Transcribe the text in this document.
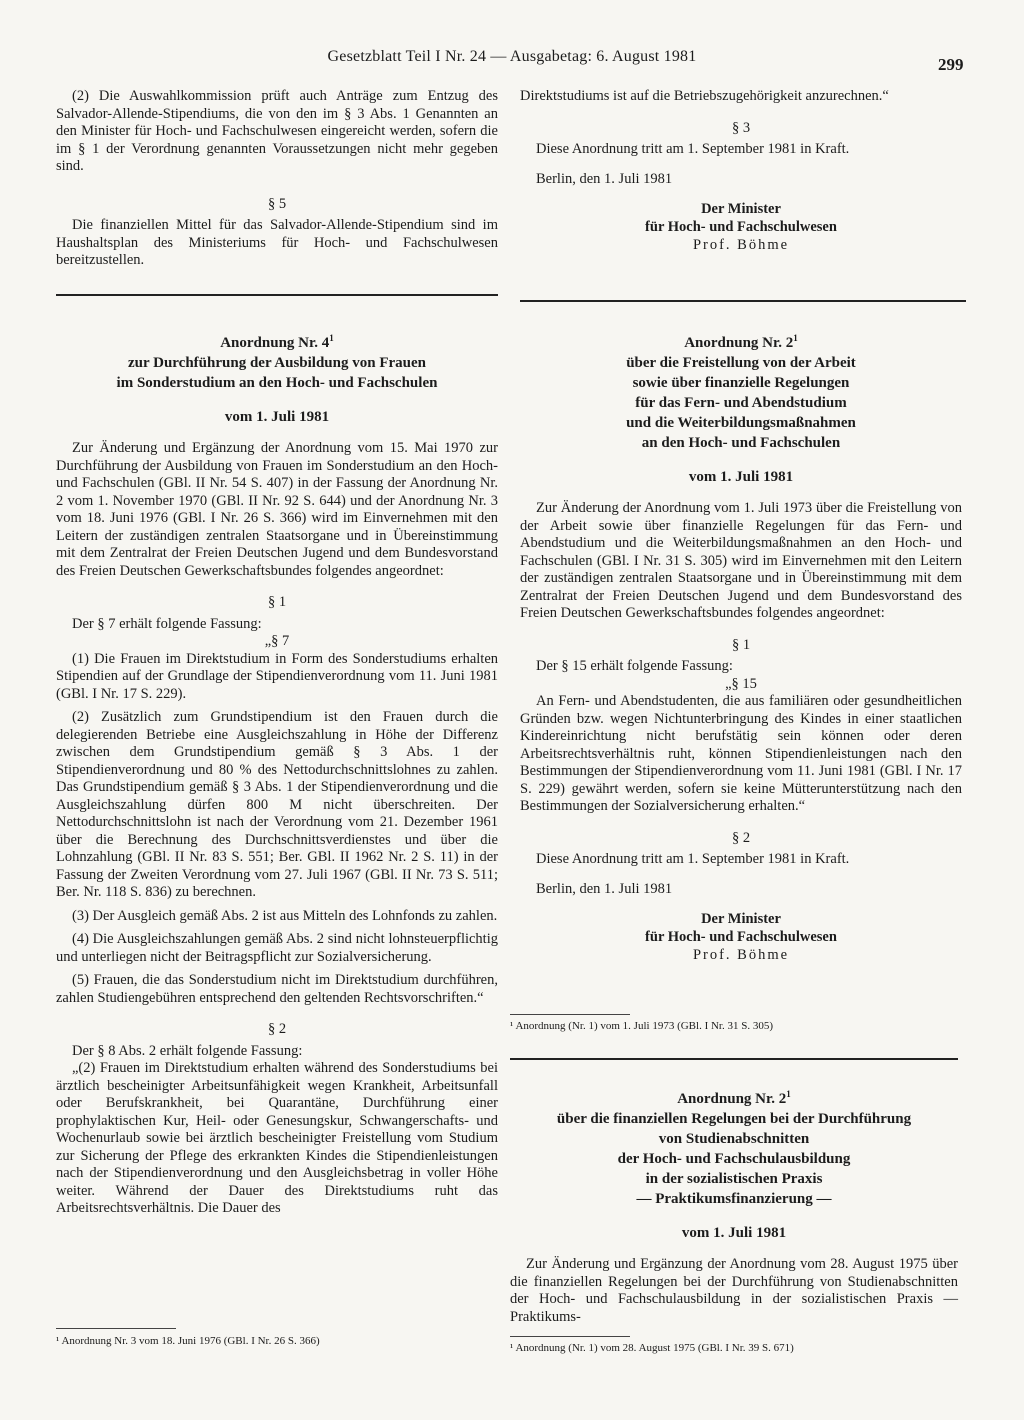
Gesetzblatt Teil I Nr. 24 — Ausgabetag: 6. August 1981	299

(2) Die Auswahlkommission prüft auch Anträge zum Entzug des Salvador-Allende-Stipendiums, die von den im § 3 Abs. 1 Genannten an den Minister für Hoch- und Fachschulwesen eingereicht werden, sofern die im § 1 der Verordnung genannten Voraussetzungen nicht mehr gegeben sind.

§ 5

Die finanziellen Mittel für das Salvador-Allende-Stipendium sind im Haushaltsplan des Ministeriums für Hoch- und Fachschulwesen bereitzustellen.

Anordnung Nr. $4^1$

zur Durchführung der Ausbildung von Frauen

im Sonderstudium an den Hoch- und Fachschulen

vom 1. Juli 1981

Zur Änderung und Ergänzung der Anordnung vom 15. Mai 1970 zur Durchführung der Ausbildung von Frauen im Sonderstudium an den Hoch- und Fachschulen (GBl. II Nr. 54 S. 407) in der Fassung der Anordnung Nr. 2 vom 1. November 1970 (GBl. II Nr. 92 S. 644) und der Anordnung Nr. 3 vom 18. Juni 1976 (GBl. I Nr. 26 S. 366) wird im Einvernehmen mit den Leitern der zuständigen zentralen Staatsorgane und in Übereinstimmung mit dem Zentralrat der Freien Deutschen Jugend und dem Bundesvorstand des Freien Deutschen Gewerkschaftsbundes folgendes angeordnet:

§ 1

Der § 7 erhält folgende Fassung:

„§ 7

(1) Die Frauen im Direktstudium in Form des Sonderstudiums erhalten Stipendien auf der Grundlage der Stipendienverordnung vom 11. Juni 1981 (GBl. I Nr. 17 S. 229).

(2) Zusätzlich zum Grundstipendium ist den Frauen durch die delegierenden Betriebe eine Ausgleichszahlung in Höhe der Differenz zwischen dem Grundstipendium gemäß § 3 Abs. 1 der Stipendienverordnung und 80 % des Nettodurchschnittslohnes zu zahlen. Das Grundstipendium gemäß § 3 Abs. 1 der Stipendienverordnung und die Ausgleichszahlung dürfen 800 M nicht überschreiten. Der Nettodurchschnittslohn ist nach der Verordnung vom 21. Dezember 1961 über die Berechnung des Durchschnittsverdienstes und über die Lohnzahlung (GBl. II Nr. 83 S. 551; Ber. GBl. II 1962 Nr. 2 S. 11) in der Fassung der Zweiten Verordnung vom 27. Juli 1967 (GBl. II Nr. 73 S. 511; Ber. Nr. 118 S. 836) zu berechnen.

(3) Der Ausgleich gemäß Abs. 2 ist aus Mitteln des Lohnfonds zu zahlen.

(4) Die Ausgleichszahlungen gemäß Abs. 2 sind nicht lohnsteuerpflichtig und unterliegen nicht der Beitragspflicht zur Sozialversicherung.

(5) Frauen, die das Sonderstudium nicht im Direktstudium durchführen, zahlen Studiengebühren entsprechend den geltenden Rechtsvorschriften.“

§ 2

Der § 8 Abs. 2 erhält folgende Fassung:

„(2) Frauen im Direktstudium erhalten während des Sonderstudiums bei ärztlich bescheinigter Arbeitsunfähigkeit wegen Krankheit, Arbeitsunfall oder Berufskrankheit, bei Quarantäne, Durchführung einer prophylaktischen Kur, Heil- oder Genesungskur, Schwangerschafts- und Wochenurlaub sowie bei ärztlich bescheinigter Freistellung vom Studium zur Sicherung der Pflege des erkrankten Kindes die Stipendienleistungen nach der Stipendienverordnung und den Ausgleichsbetrag in voller Höhe weiter. Während der Dauer des Direktstudiums ruht das Arbeitsrechtsverhältnis. Die Dauer des

¹ Anordnung Nr. 3 vom 18. Juni 1976 (GBl. I Nr. 26 S. 366)

Direktstudiums ist auf die Betriebszugehörigkeit anzurechnen.“

§ 3

Diese Anordnung tritt am 1. September 1981 in Kraft.

Berlin, den 1. Juli 1981

Der Minister

für Hoch- und Fachschulwesen

Prof. Böhme

Anordnung Nr. $2^1$

über die Freistellung von der Arbeit

sowie über finanzielle Regelungen

für das Fern- und Abendstudium

und die Weiterbildungsmaßnahmen

an den Hoch- und Fachschulen

vom 1. Juli 1981

Zur Änderung der Anordnung vom 1. Juli 1973 über die Freistellung von der Arbeit sowie über finanzielle Regelungen für das Fern- und Abendstudium und die Weiterbildungsmaßnahmen an den Hoch- und Fachschulen (GBl. I Nr. 31 S. 305) wird im Einvernehmen mit den Leitern der zuständigen zentralen Staatsorgane und in Übereinstimmung mit dem Zentralrat der Freien Deutschen Jugend und dem Bundesvorstand des Freien Deutschen Gewerkschaftsbundes folgendes angeordnet:

§ 1

Der § 15 erhält folgende Fassung:

„§ 15

An Fern- und Abendstudenten, die aus familiären oder gesundheitlichen Gründen bzw. wegen Nichtunterbringung des Kindes in einer staatlichen Kindereinrichtung nicht berufstätig sein können oder deren Arbeitsrechtsverhältnis ruht, können Stipendienleistungen nach den Bestimmungen der Stipendienverordnung vom 11. Juni 1981 (GBl. I Nr. 17 S. 229) gewährt werden, sofern sie keine Mütterunterstützung nach den Bestimmungen der Sozialversicherung erhalten.“

§ 2

Diese Anordnung tritt am 1. September 1981 in Kraft.

Berlin, den 1. Juli 1981

Der Minister

für Hoch- und Fachschulwesen

Prof. Böhme

¹ Anordnung (Nr. 1) vom 1. Juli 1973 (GBl. I Nr. 31 S. 305)

Anordnung Nr. $2^1$

über die finanziellen Regelungen bei der Durchführung

von Studienabschnitten

der Hoch- und Fachschulausbildung

in der sozialistischen Praxis

— Praktikumsfinanzierung —

vom 1. Juli 1981

Zur Änderung und Ergänzung der Anordnung vom 28. August 1975 über die finanziellen Regelungen bei der Durchführung von Studienabschnitten der Hoch- und Fachschulausbildung in der sozialistischen Praxis — Praktikums-

¹ Anordnung (Nr. 1) vom 28. August 1975 (GBl. I Nr. 39 S. 671)
